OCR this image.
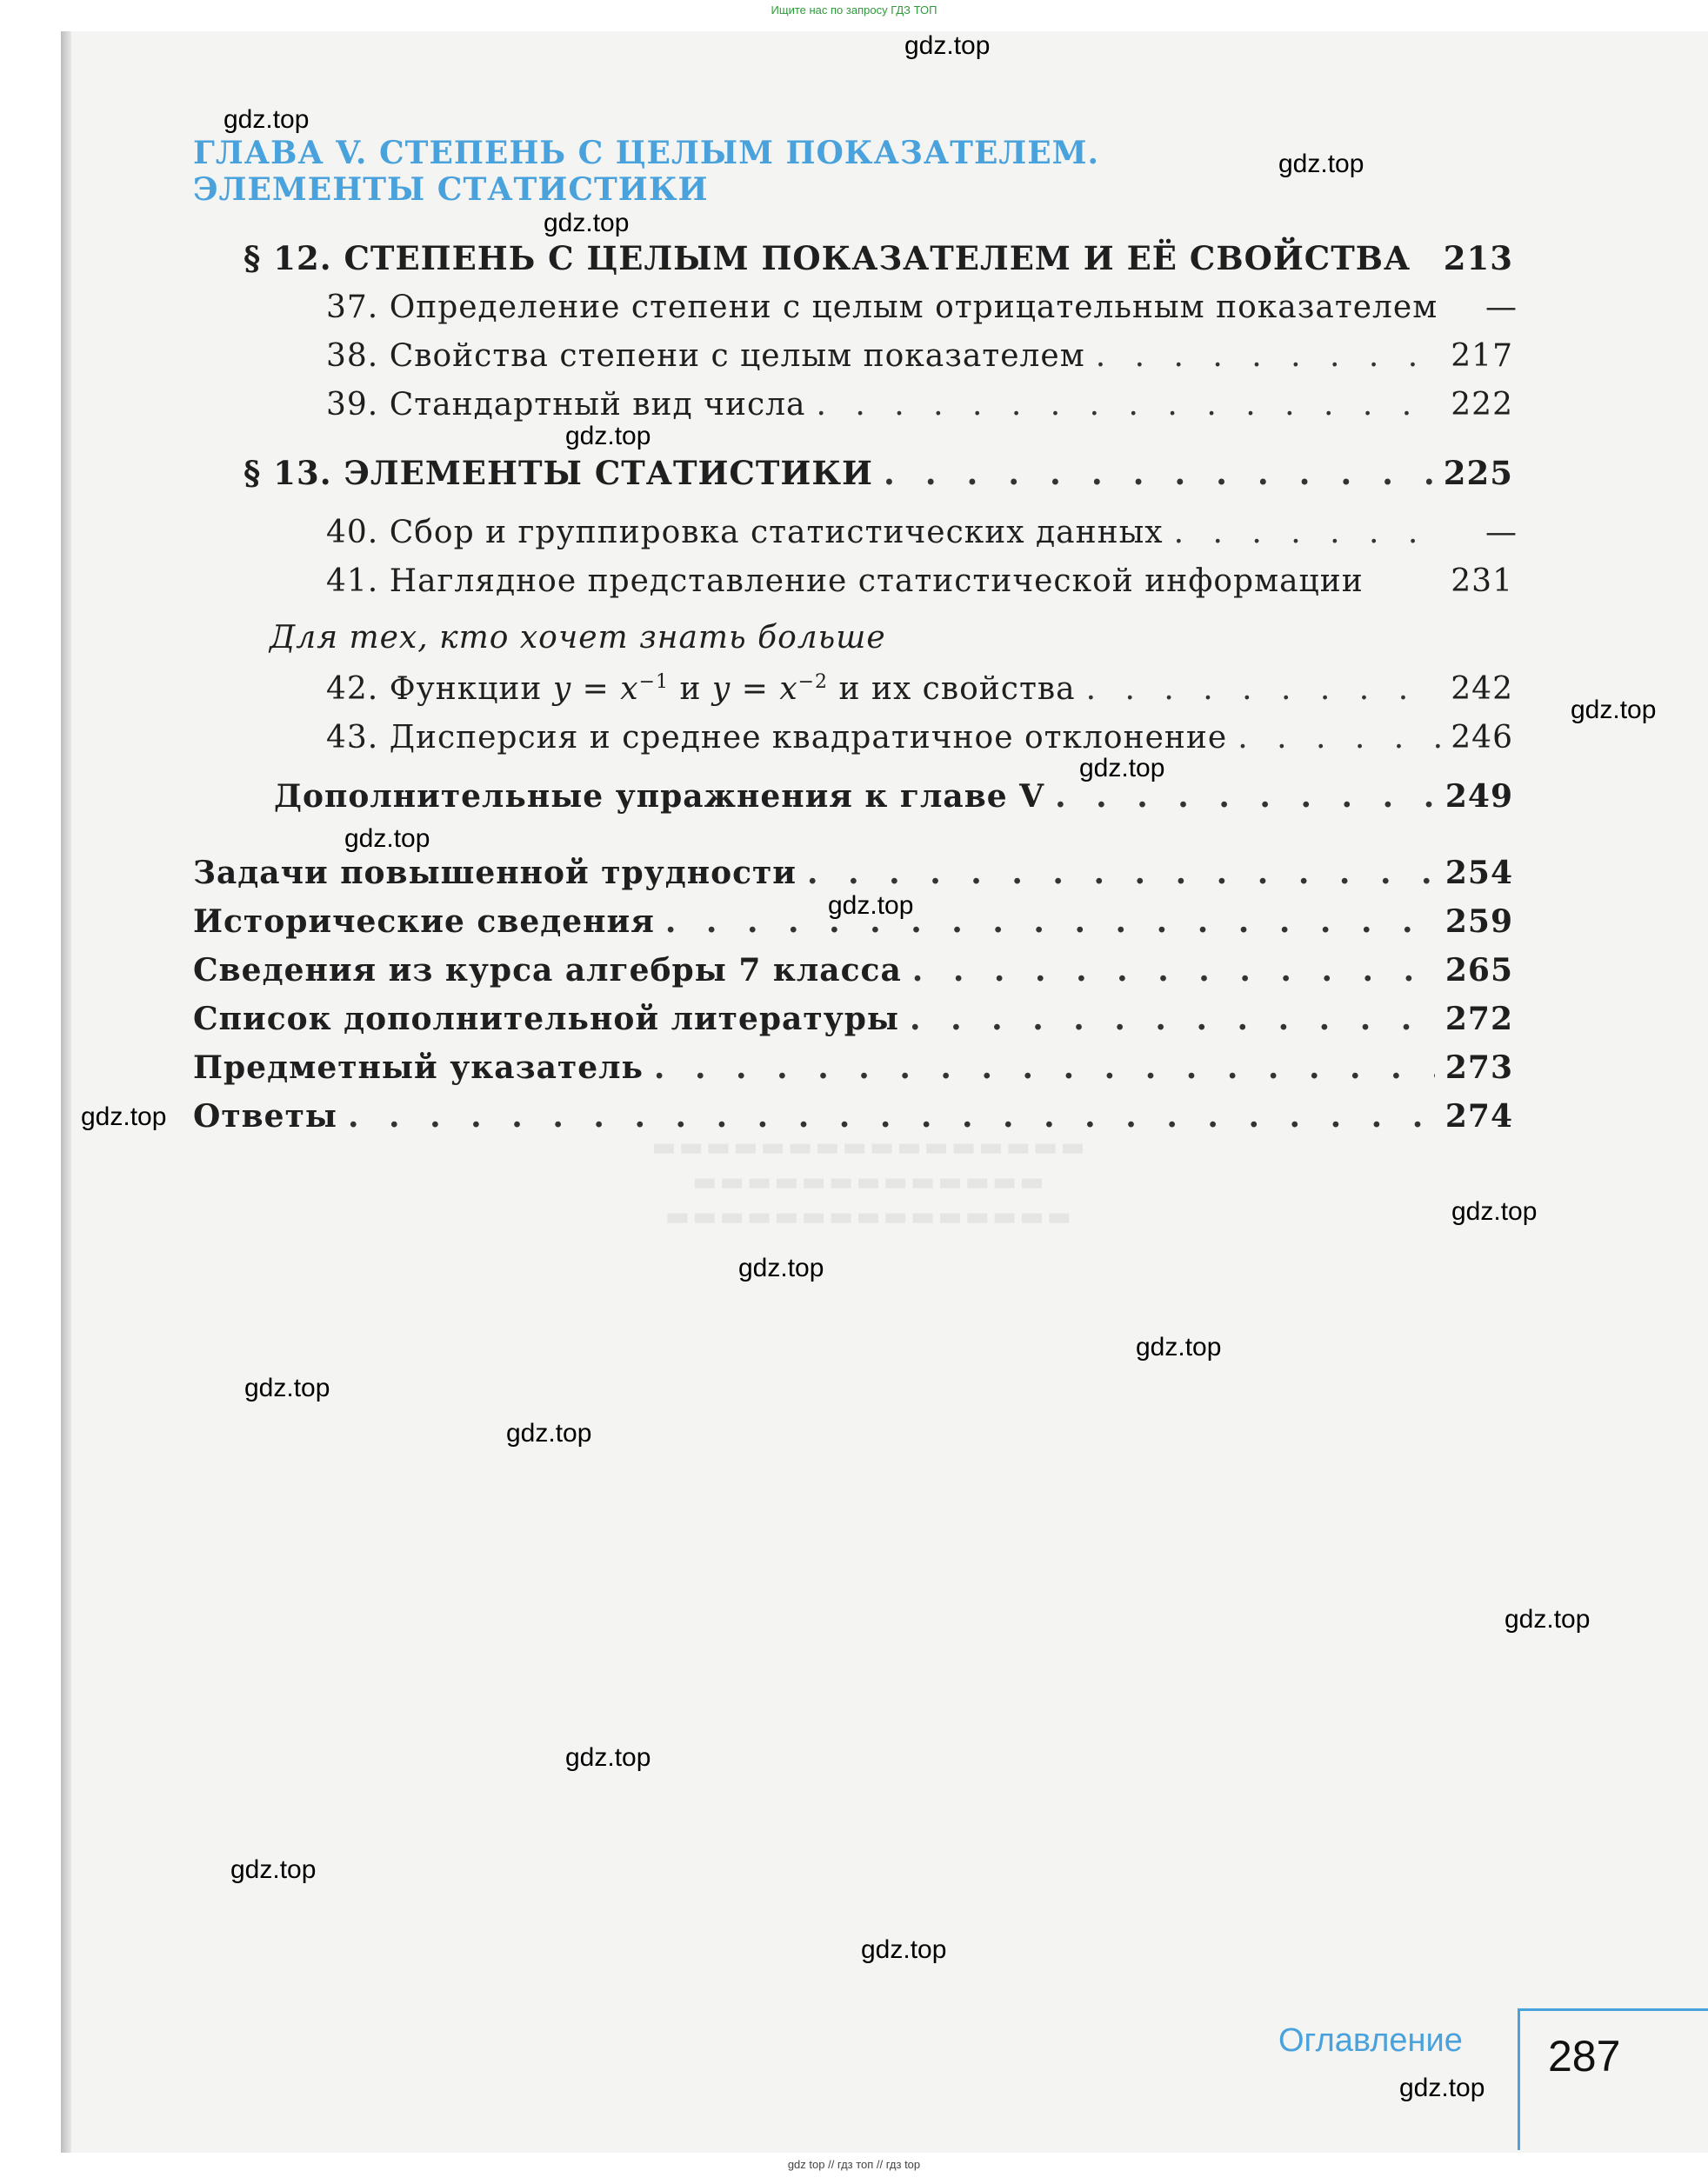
Ищите нас по запросу ГДЗ ТОП
▬▬▬▬▬▬▬▬▬▬▬▬▬▬▬▬
▬▬▬▬▬▬▬▬▬▬▬▬▬
▬▬▬▬▬▬▬▬▬▬▬▬▬▬▬
ГЛАВА V. СТЕПЕНЬ С ЦЕЛЫМ ПОКАЗАТЕЛЕМ.
ЭЛЕМЕНТЫ СТАТИСТИКИ
§ 12. СТЕПЕНЬ С ЦЕЛЫМ ПОКАЗАТЕЛЕМ И ЕЁ СВОЙСТВА 213
37. Определение степени с целым отрицательным показателем	—
38. Свойства степени с целым показателем . . .	217
39. Стандартный вид числа . . .	222
§ 13. ЭЛЕМЕНТЫ СТАТИСТИКИ . . .	225
40. Сбор и группировка статистических данных . . .	—
41. Наглядное представление статистической информации	231
Для тех, кто хочет знать больше
42. Функции $y = x^{-1}$ и $y = x^{-2}$ и их свойства . . .	242
43. Дисперсия и среднее квадратичное отклонение . . .	246
Дополнительные упражнения к главе V . . .	249
Задачи повышенной трудности . . .	254
Исторические сведения . . .	259
Сведения из курса алгебры 7 класса . . .	265
Список дополнительной литературы . . .	272
Предметный указатель . . .	273
Ответы . . .	274
Оглавление 287
gdz.top
gdz.top
gdz.top
gdz.top
gdz.top
gdz.top
gdz.top
gdz.top
gdz.top
gdz.top
gdz.top
gdz.top
gdz.top
gdz.top
gdz.top
gdz.top
gdz.top
gdz.top
gdz.top
gdz.top
gdz top // гдз топ // гдз top
